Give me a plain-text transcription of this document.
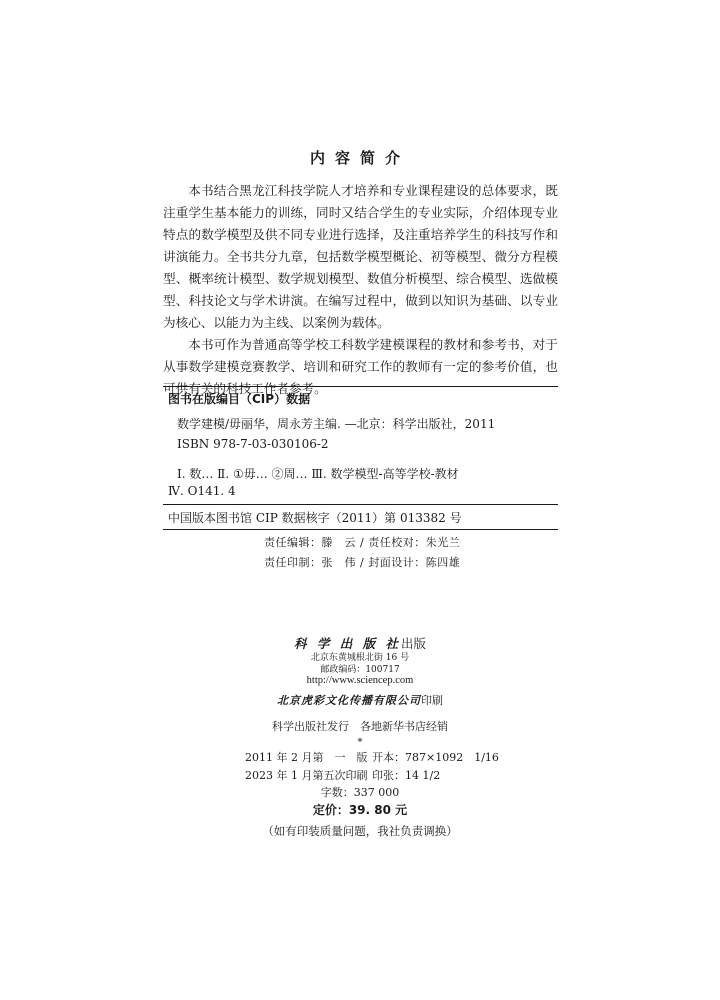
内容简介

本书结合黑龙江科技学院人才培养和专业课程建设的总体要求，既注重学生基本能力的训练，同时又结合学生的专业实际，介绍体现专业特点的数学模型及供不同专业进行选择，及注重培养学生的科技写作和讲演能力。全书共分九章，包括数学模型概论、初等模型、微分方程模型、概率统计模型、数学规划模型、数值分析模型、综合模型、选做模型、科技论文与学术讲演。在编写过程中，做到以知识为基础、以专业为核心、以能力为主线、以案例为载体。

本书可作为普通高等学校工科数学建模课程的教材和参考书，对于从事数学建模竞赛教学、培训和研究工作的教师有一定的参考价值，也可供有关的科技工作者参考。

图书在版编目（CIP）数据
数学建模/毋丽华，周永芳主编. —北京：科学出版社，2011
ISBN 978-7-03-030106-2
Ⅰ. 数… Ⅱ. ①毋… ②周… Ⅲ. 数学模型-高等学校-教材
Ⅳ. O141. 4
中国版本图书馆 CIP 数据核字（2011）第 013382 号
责任编辑：滕　云 / 责任校对：朱光兰
责任印制：张　伟 / 封面设计：陈四雄
科 学 出 版 社出版
北京东黄城根北街 16 号
邮政编码：100717
http://www.sciencep.com
北京虎彩文化传播有限公司印刷
科学出版社发行　各地新华书店经销
*
2011 年 2 月第　一　版 开本：787×1092　1/16
2023 年 1 月第五次印刷 印张：14 1/2
字数：337 000
定价：39. 80 元
（如有印装质量问题，我社负责调换）
